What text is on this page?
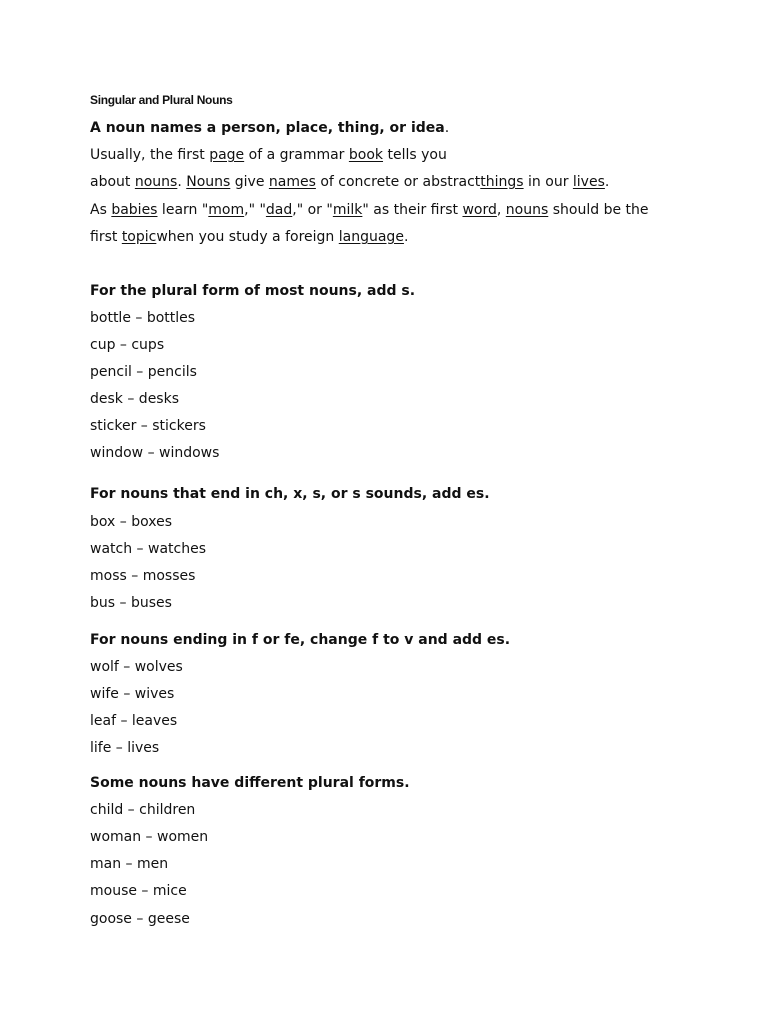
Singular and Plural Nouns
A noun names a person, place, thing, or idea.
Usually, the first page of a grammar book tells you
about nouns. Nouns give names of concrete or abstractthings in our lives.
As babies learn "mom," "dad," or "milk" as their first word, nouns should be the
first topicwhen you study a foreign language.
For the plural form of most nouns, add s.
bottle – bottles
cup – cups
pencil – pencils
desk – desks
sticker – stickers
window – windows
For nouns that end in ch, x, s, or s sounds, add es.
box – boxes
watch – watches
moss – mosses
bus – buses
For nouns ending in f or fe, change f to v and add es.
wolf – wolves
wife – wives
leaf – leaves
life – lives
Some nouns have different plural forms.
child – children
woman – women
man – men
mouse – mice
goose – geese
